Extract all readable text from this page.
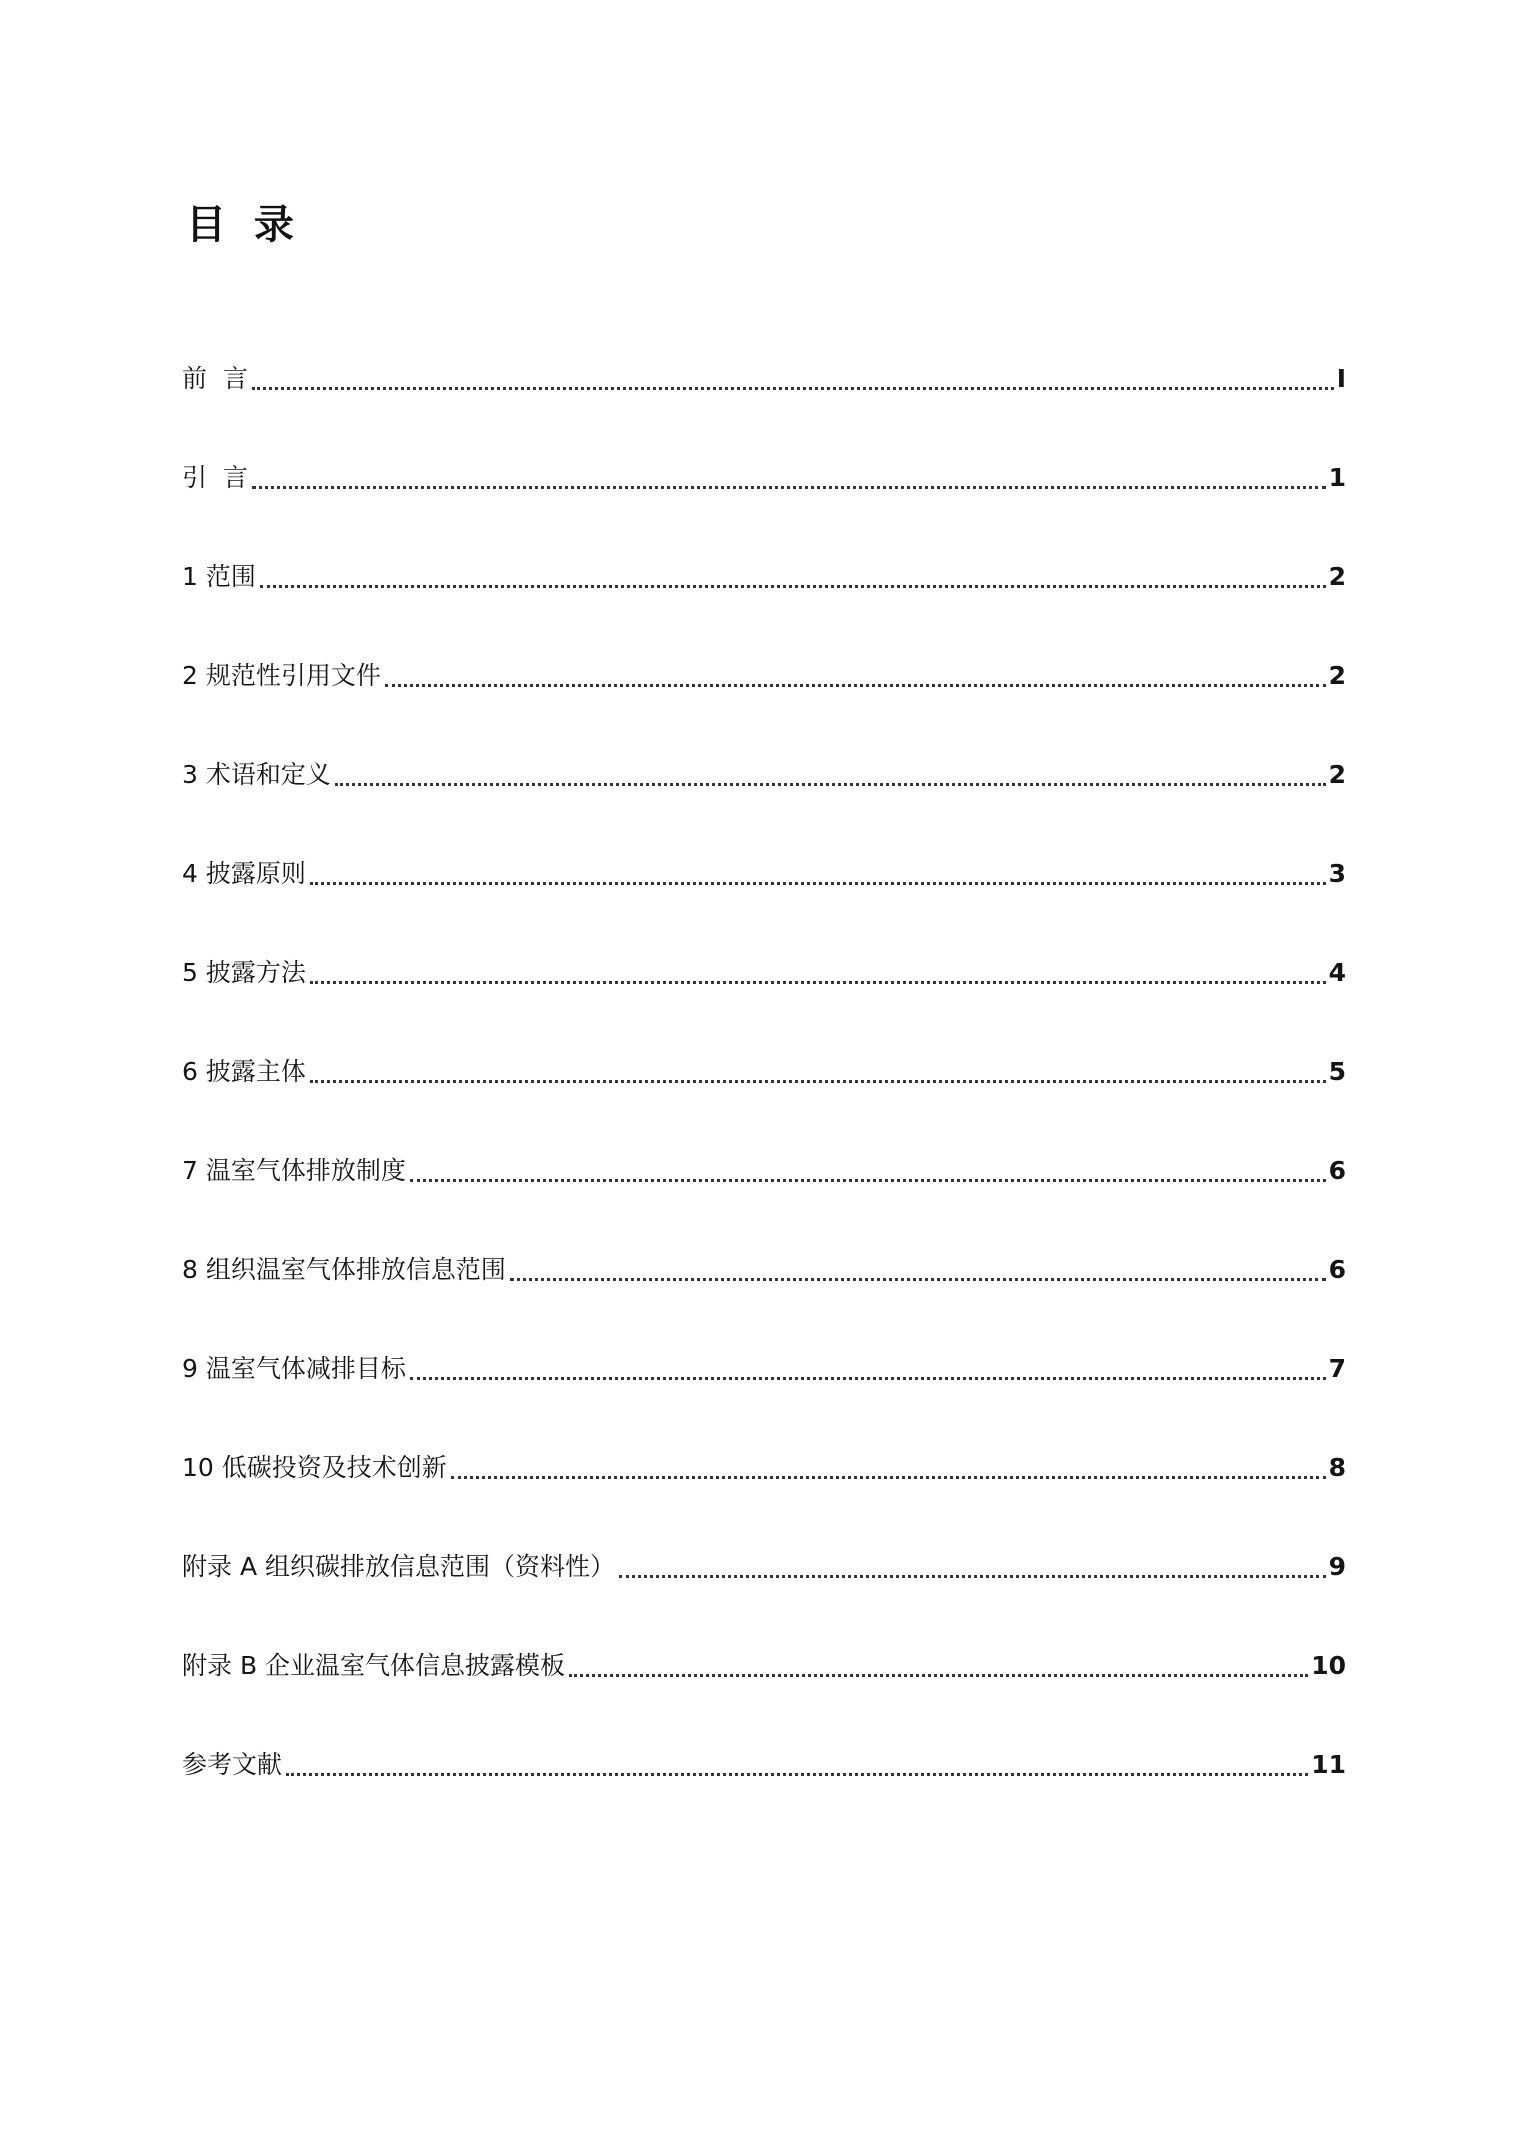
目  录
前  言	I
引  言	1
1 范围	2
2 规范性引用文件	2
3 术语和定义	2
4 披露原则	3
5 披露方法	4
6 披露主体	5
7 温室气体排放制度	6
8 组织温室气体排放信息范围	6
9 温室气体减排目标	7
10 低碳投资及技术创新	8
附录 A 组织碳排放信息范围（资料性）	9
附录 B 企业温室气体信息披露模板	10
参考文献	11
